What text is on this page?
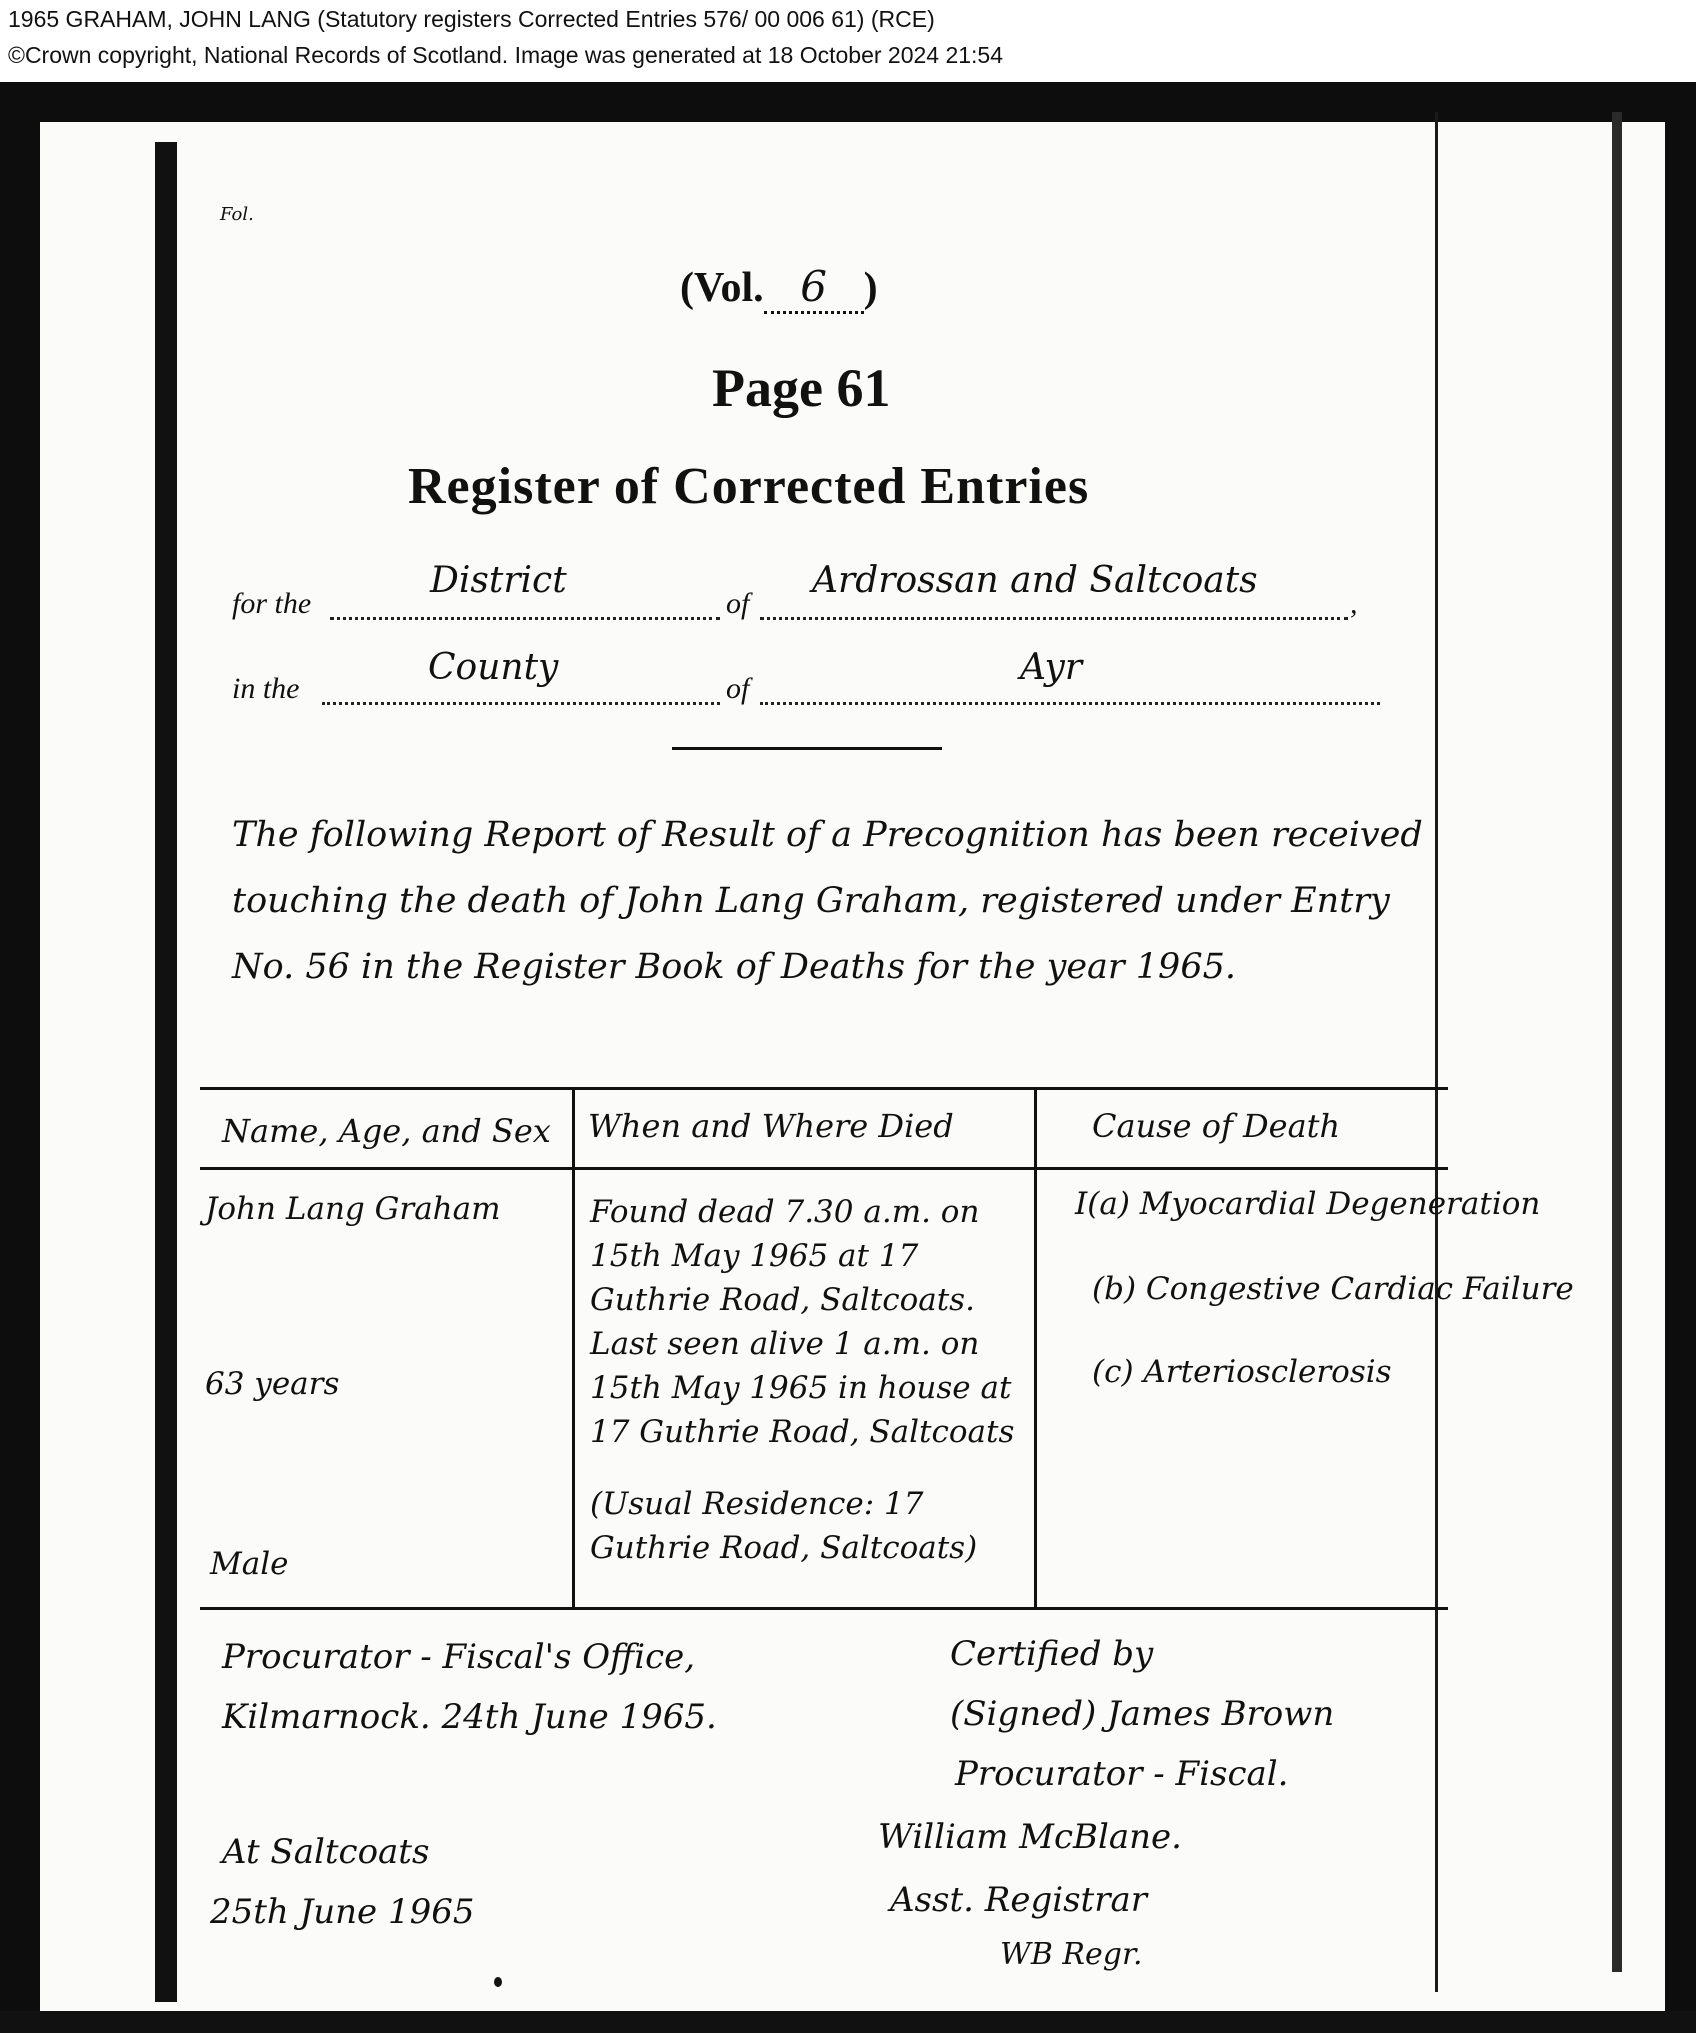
1965 GRAHAM, JOHN LANG (Statutory registers Corrected Entries 576/ 00 006 61) (RCE)
©Crown copyright, National Records of Scotland. Image was generated at 18 October 2024 21:54
Fol.
(Vol. 6 )
Page 61
Register of Corrected Entries
for the
District
of
Ardrossan and Saltcoats
,
in the
County
of
Ayr
The following Report of Result of a Precognition has been received touching the death of John Lang Graham, registered under Entry No. 56 in the Register Book of Deaths for the year 1965.
Name, Age, and Sex When and Where Died	Cause of Death
John Lang Graham
63 years
Male
Found dead 7.30 a.m. on 15th May 1965 at 17 Guthrie Road, Saltcoats. Last seen alive 1 a.m. on 15th May 1965 in house at 17 Guthrie Road, Saltcoats
(Usual Residence: 17 Guthrie Road, Saltcoats)
I(a) Myocardial Degeneration
(b) Congestive Cardiac Failure
(c) Arteriosclerosis
Procurator - Fiscal's Office,
Kilmarnock. 24th June 1965.
Certified by
(Signed) James Brown
Procurator - Fiscal.
William McBlane.
Asst. Registrar
At Saltcoats
25th June 1965
WB Regr.
